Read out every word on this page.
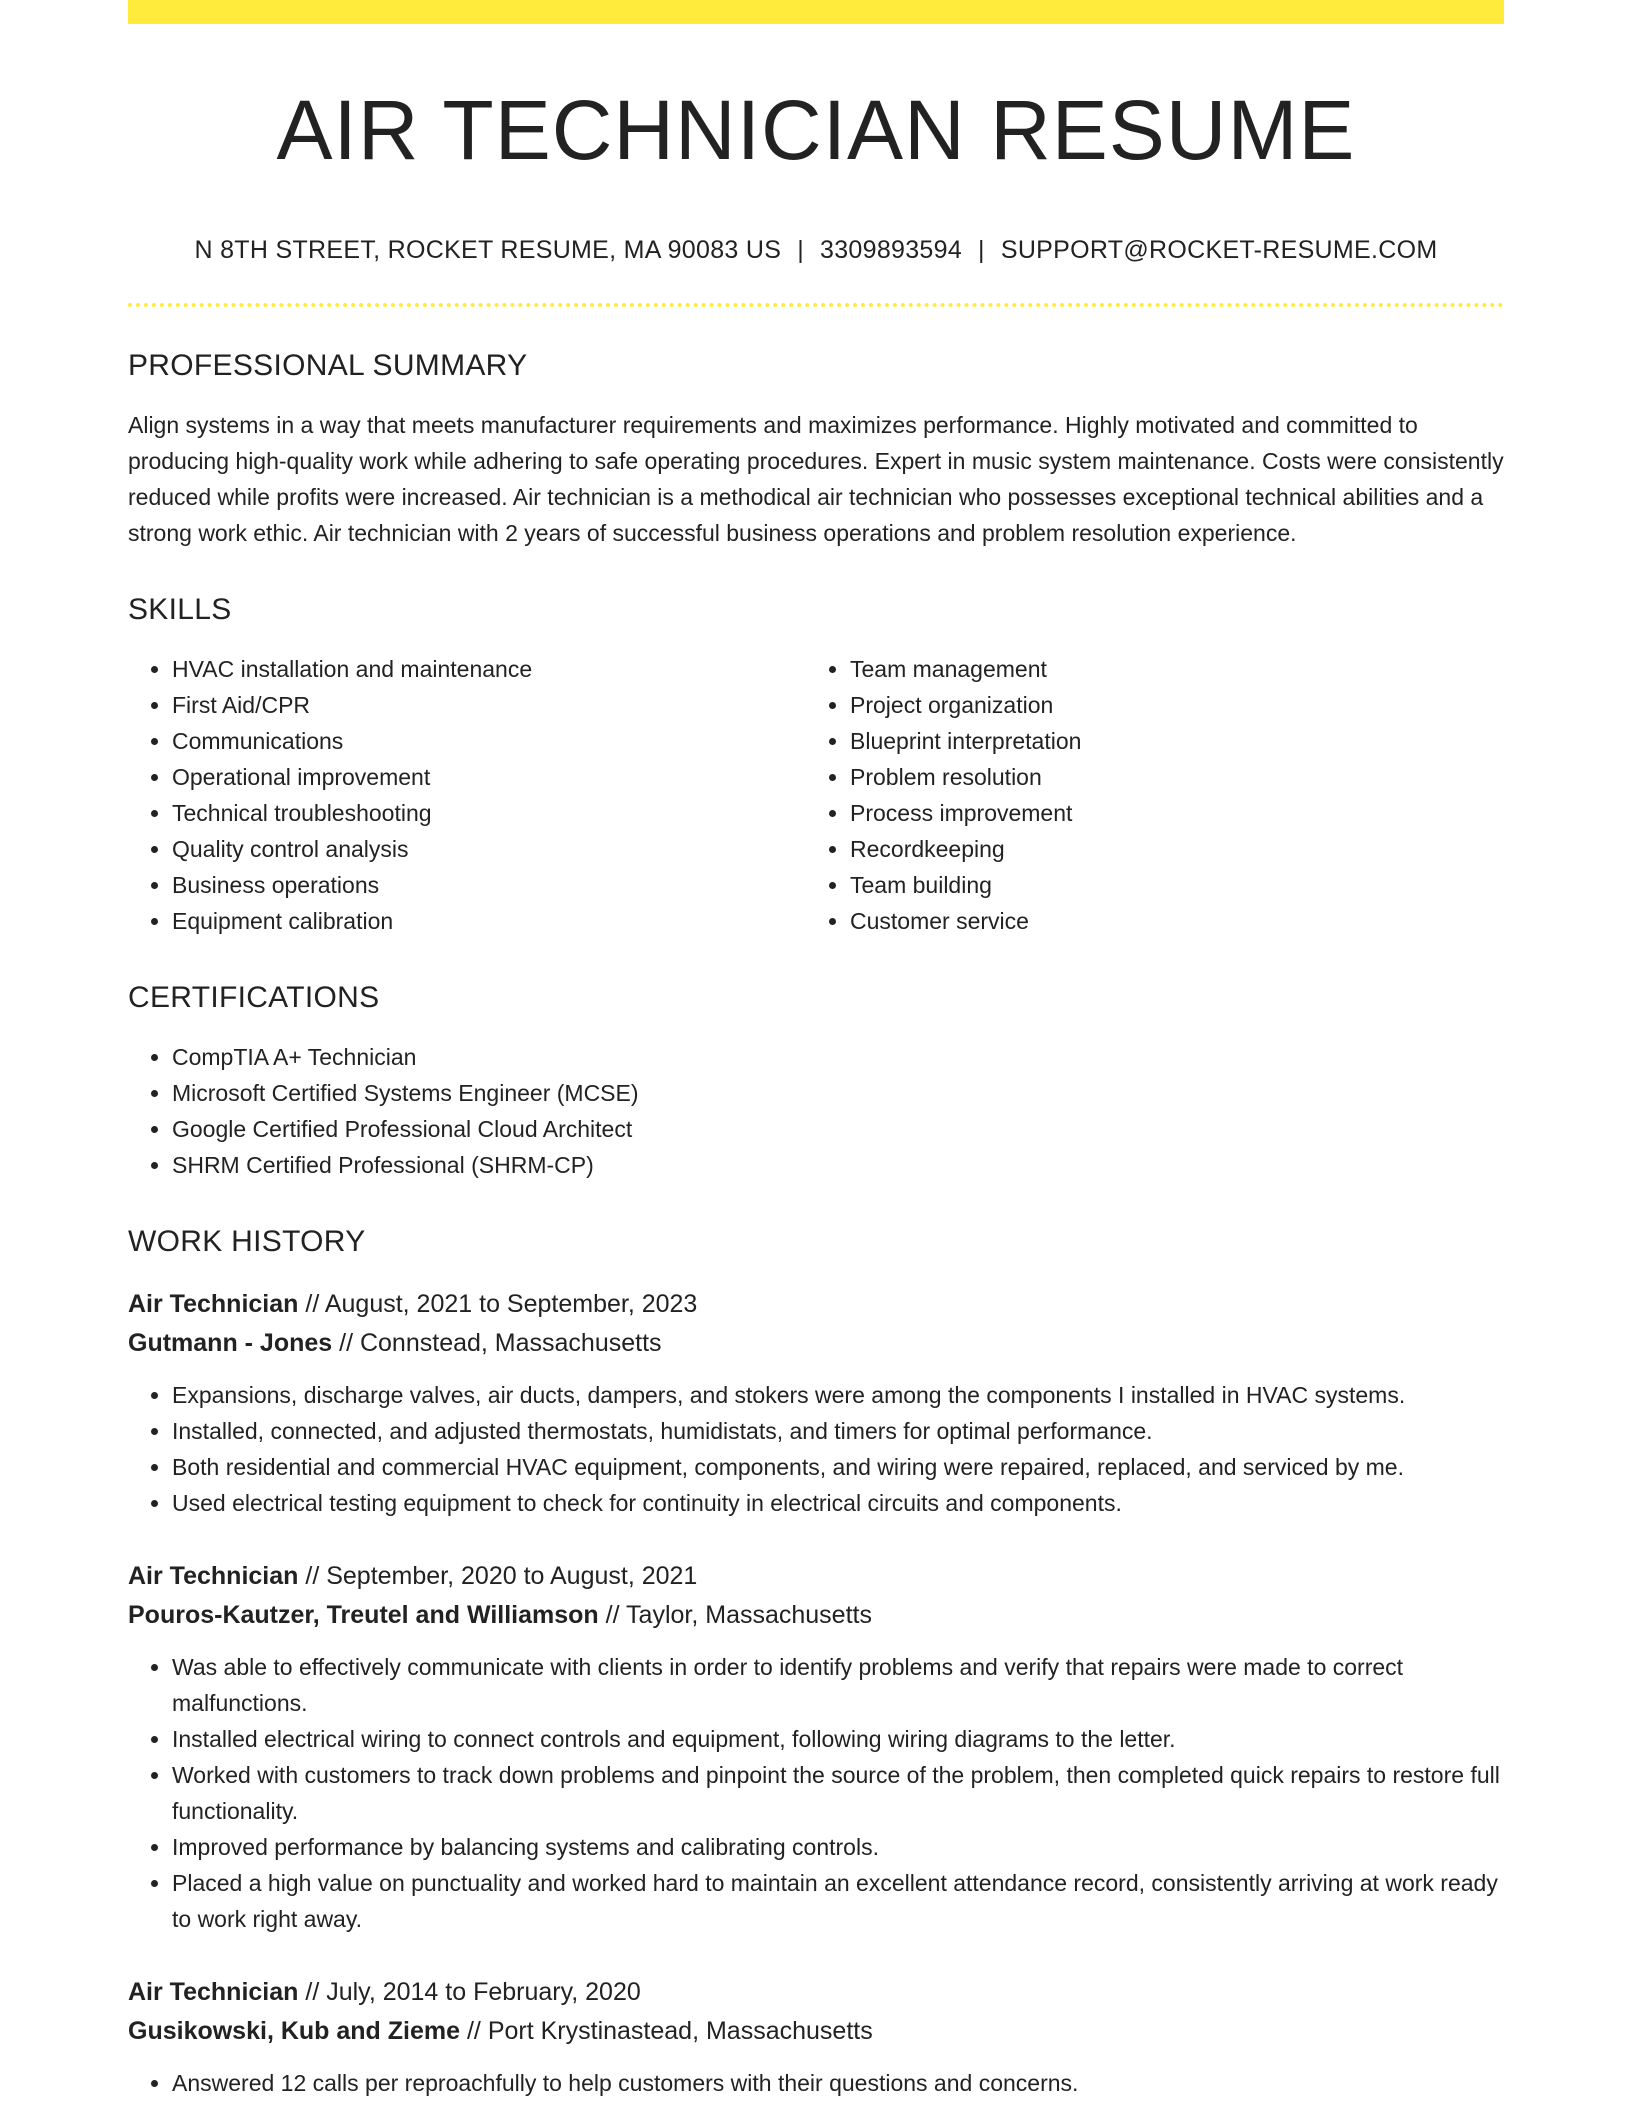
AIR TECHNICIAN RESUME
N 8TH STREET, ROCKET RESUME, MA 90083 US | 3309893594 | SUPPORT@ROCKET-RESUME.COM
PROFESSIONAL SUMMARY

Align systems in a way that meets manufacturer requirements and maximizes performance. Highly motivated and committed to producing high-quality work while adhering to safe operating procedures. Expert in music system maintenance. Costs were consistently reduced while profits were increased. Air technician is a methodical air technician who possesses exceptional technical abilities and a strong work ethic. Air technician with 2 years of successful business operations and problem resolution experience.

SKILLS
• HVAC installation and maintenance
• First Aid/CPR
• Communications
• Operational improvement
• Technical troubleshooting
• Quality control analysis
• Business operations
• Equipment calibration
• Team management
• Project organization
• Blueprint interpretation
• Problem resolution
• Process improvement
• Recordkeeping
• Team building
• Customer service
CERTIFICATIONS
• CompTIA A+ Technician
• Microsoft Certified Systems Engineer (MCSE)
• Google Certified Professional Cloud Architect
• SHRM Certified Professional (SHRM-CP)
WORK HISTORY
Air Technician // August, 2021 to September, 2023
Gutmann - Jones // Connstead, Massachusetts
• Expansions, discharge valves, air ducts, dampers, and stokers were among the components I installed in HVAC systems.
• Installed, connected, and adjusted thermostats, humidistats, and timers for optimal performance.
• Both residential and commercial HVAC equipment, components, and wiring were repaired, replaced, and serviced by me.
• Used electrical testing equipment to check for continuity in electrical circuits and components.
Air Technician // September, 2020 to August, 2021
Pouros-Kautzer, Treutel and Williamson // Taylor, Massachusetts
• Was able to effectively communicate with clients in order to identify problems and verify that repairs were made to correct malfunctions.
• Installed electrical wiring to connect controls and equipment, following wiring diagrams to the letter.
• Worked with customers to track down problems and pinpoint the source of the problem, then completed quick repairs to restore full functionality.
• Improved performance by balancing systems and calibrating controls.
• Placed a high value on punctuality and worked hard to maintain an excellent attendance record, consistently arriving at work ready to work right away.
Air Technician // July, 2014 to February, 2020
Gusikowski, Kub and Zieme // Port Krystinastead, Massachusetts
• Answered 12 calls per reproachfully to help customers with their questions and concerns.
